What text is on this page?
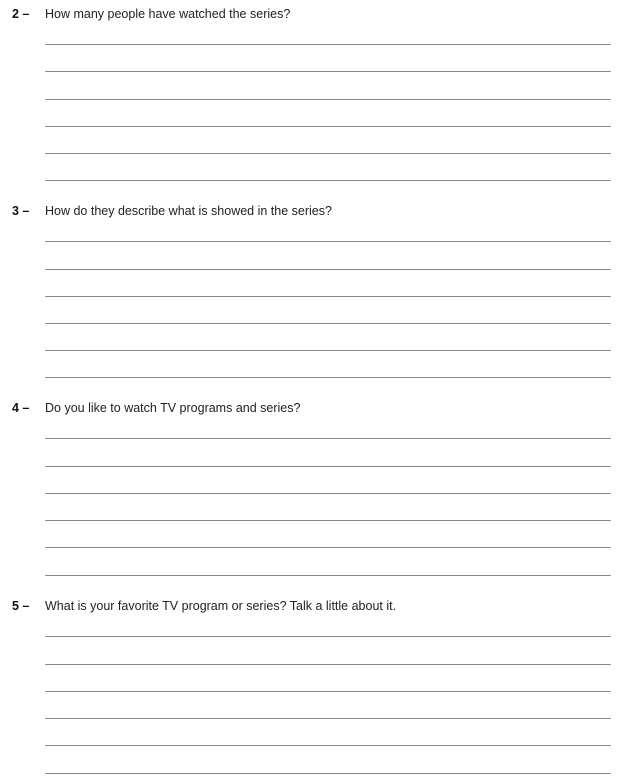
2 – How many people have watched the series?
3 – How do they describe what is showed in the series?
4 – Do you like to watch TV programs and series?
5 – What is your favorite TV program or series? Talk a little about it.
